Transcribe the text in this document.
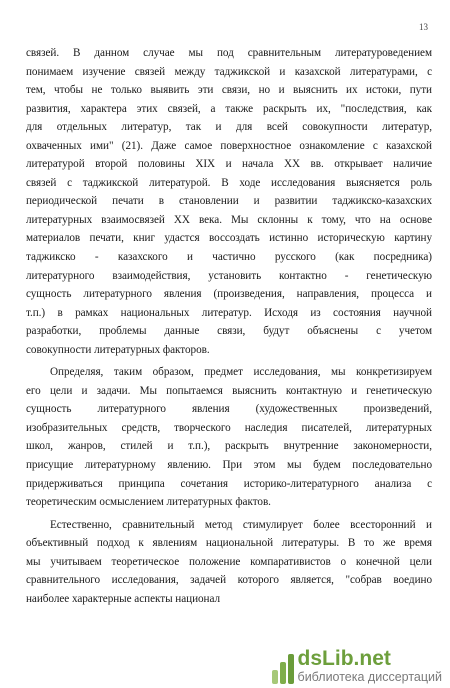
13
связей. В данном случае мы под сравнительным литературоведением
понимаем изучение связей между таджикской и казахской литературами, с
тем, чтобы не только выявить эти связи, но и выяснить их истоки, пути
развития, характера этих связей, а также раскрыть их, "последствия, как
для отдельных литератур, так и для всей совокупности литератур,
охваченных ими" (21). Даже самое поверхностное ознакомление с казахской
литературой второй половины XIX и начала XX вв. открывает наличие
связей с таджикской литературой. В ходе исследования выясняется роль
периодической печати в становлении и развитии таджикско-казахских
литературных взаимосвязей XX века. Мы склонны к тому, что на основе
материалов печати, книг удастся воссоздать истинно историческую картину
таджикско - казахского и частично русского (как посредника)
литературного взаимодействия, установить контактно - генетическую
сущность литературного явления (произведения, направления, процесса и
т.п.) в рамках национальных литератур. Исходя из состояния научной
разработки, проблемы данные связи, будут объяснены с учетом
совокупности литературных факторов.
Определяя, таким образом, предмет исследования, мы конкретизируем
его цели и задачи. Мы попытаемся выяснить контактную и генетическую
сущность литературного явления (художественных произведений,
изобразительных средств, творческого наследия писателей, литературных
школ, жанров, стилей и т.п.), раскрыть внутренние закономерности,
присущие литературному явлению. При этом мы будем последовательно
придерживаться принципа сочетания историко-литературного анализа с
теоретическим осмыслением литературных фактов.
Естественно, сравнительный метод стимулирует более всесторонний и
объективный подход к явлениям национальной литературы. В то же время
мы учитываем теоретическое положение компаративистов о конечной цели
сравнительного исследования, задачей которого является, "собрав воедино
наиболее характерные аспекты национал
dsLib.net
библиотека диссертаций
